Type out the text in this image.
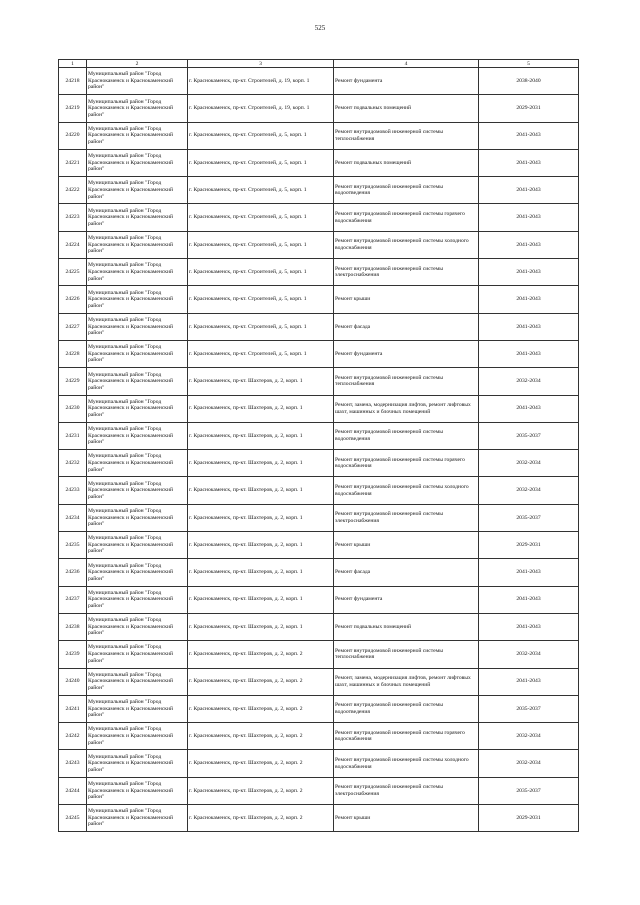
525
1	2	3	4	5
24218	Муниципальный район "Город Краснокаменск и Краснокаменский район"	г. Краснокаменск, пр-кт. Строителей, д. 19, корп. 1	Ремонт фундамента	2038-2040
24219	Муниципальный район "Город Краснокаменск и Краснокаменский район"	г. Краснокаменск, пр-кт. Строителей, д. 19, корп. 1	Ремонт подвальных помещений	2029-2031
24220	Муниципальный район "Город Краснокаменск и Краснокаменский район"	г. Краснокаменск, пр-кт. Строителей, д. 5, корп. 1	Ремонт внутридомовой инженерной системы теплоснабжения	2041-2043
24221	Муниципальный район "Город Краснокаменск и Краснокаменский район"	г. Краснокаменск, пр-кт. Строителей, д. 5, корп. 1	Ремонт подвальных помещений	2041-2043
24222	Муниципальный район "Город Краснокаменск и Краснокаменский район"	г. Краснокаменск, пр-кт. Строителей, д. 5, корп. 1	Ремонт внутридомовой инженерной системы водоотведения	2041-2043
24223	Муниципальный район "Город Краснокаменск и Краснокаменский район"	г. Краснокаменск, пр-кт. Строителей, д. 5, корп. 1	Ремонт внутридомовой инженерной системы горячего водоснабжения	2041-2043
24224	Муниципальный район "Город Краснокаменск и Краснокаменский район"	г. Краснокаменск, пр-кт. Строителей, д. 5, корп. 1	Ремонт внутридомовой инженерной системы холодного водоснабжения	2041-2043
24225	Муниципальный район "Город Краснокаменск и Краснокаменский район"	г. Краснокаменск, пр-кт. Строителей, д. 5, корп. 1	Ремонт внутридомовой инженерной системы электроснабжения	2041-2043
24226	Муниципальный район "Город Краснокаменск и Краснокаменский район"	г. Краснокаменск, пр-кт. Строителей, д. 5, корп. 1	Ремонт крыши	2041-2043
24227	Муниципальный район "Город Краснокаменск и Краснокаменский район"	г. Краснокаменск, пр-кт. Строителей, д. 5, корп. 1	Ремонт фасада	2041-2043
24228	Муниципальный район "Город Краснокаменск и Краснокаменский район"	г. Краснокаменск, пр-кт. Строителей, д. 5, корп. 1	Ремонт фундамента	2041-2043
24229	Муниципальный район "Город Краснокаменск и Краснокаменский район"	г. Краснокаменск, пр-кт. Шахтеров, д. 2, корп. 1	Ремонт внутридомовой инженерной системы теплоснабжения	2032-2034
24230	Муниципальный район "Город Краснокаменск и Краснокаменский район"	г. Краснокаменск, пр-кт. Шахтеров, д. 2, корп. 1	Ремонт, замена, модернизация лифтов, ремонт лифтовых шахт, машинных и блочных помещений	2041-2043
24231	Муниципальный район "Город Краснокаменск и Краснокаменский район"	г. Краснокаменск, пр-кт. Шахтеров, д. 2, корп. 1	Ремонт внутридомовой инженерной системы водоотведения	2035-2037
24232	Муниципальный район "Город Краснокаменск и Краснокаменский район"	г. Краснокаменск, пр-кт. Шахтеров, д. 2, корп. 1	Ремонт внутридомовой инженерной системы горячего водоснабжения	2032-2034
24233	Муниципальный район "Город Краснокаменск и Краснокаменский район"	г. Краснокаменск, пр-кт. Шахтеров, д. 2, корп. 1	Ремонт внутридомовой инженерной системы холодного водоснабжения	2032-2034
24234	Муниципальный район "Город Краснокаменск и Краснокаменский район"	г. Краснокаменск, пр-кт. Шахтеров, д. 2, корп. 1	Ремонт внутридомовой инженерной системы электроснабжения	2035-2037
24235	Муниципальный район "Город Краснокаменск и Краснокаменский район"	г. Краснокаменск, пр-кт. Шахтеров, д. 2, корп. 1	Ремонт крыши	2029-2031
24236	Муниципальный район "Город Краснокаменск и Краснокаменский район"	г. Краснокаменск, пр-кт. Шахтеров, д. 2, корп. 1	Ремонт фасада	2041-2043
24237	Муниципальный район "Город Краснокаменск и Краснокаменский район"	г. Краснокаменск, пр-кт. Шахтеров, д. 2, корп. 1	Ремонт фундамента	2041-2043
24238	Муниципальный район "Город Краснокаменск и Краснокаменский район"	г. Краснокаменск, пр-кт. Шахтеров, д. 2, корп. 1	Ремонт подвальных помещений	2041-2043
24239	Муниципальный район "Город Краснокаменск и Краснокаменский район"	г. Краснокаменск, пр-кт. Шахтеров, д. 2, корп. 2	Ремонт внутридомовой инженерной системы теплоснабжения	2032-2034
24240	Муниципальный район "Город Краснокаменск и Краснокаменский район"	г. Краснокаменск, пр-кт. Шахтеров, д. 2, корп. 2	Ремонт, замена, модернизация лифтов, ремонт лифтовых шахт, машинных и блочных помещений	2041-2043
24241	Муниципальный район "Город Краснокаменск и Краснокаменский район"	г. Краснокаменск, пр-кт. Шахтеров, д. 2, корп. 2	Ремонт внутридомовой инженерной системы водоотведения	2035-2037
24242	Муниципальный район "Город Краснокаменск и Краснокаменский район"	г. Краснокаменск, пр-кт. Шахтеров, д. 2, корп. 2	Ремонт внутридомовой инженерной системы горячего водоснабжения	2032-2034
24243	Муниципальный район "Город Краснокаменск и Краснокаменский район"	г. Краснокаменск, пр-кт. Шахтеров, д. 2, корп. 2	Ремонт внутридомовой инженерной системы холодного водоснабжения	2032-2034
24244	Муниципальный район "Город Краснокаменск и Краснокаменский район"	г. Краснокаменск, пр-кт. Шахтеров, д. 2, корп. 2	Ремонт внутридомовой инженерной системы электроснабжения	2035-2037
24245	Муниципальный район "Город Краснокаменск и Краснокаменский район"	г. Краснокаменск, пр-кт. Шахтеров, д. 2, корп. 2	Ремонт крыши	2029-2031
